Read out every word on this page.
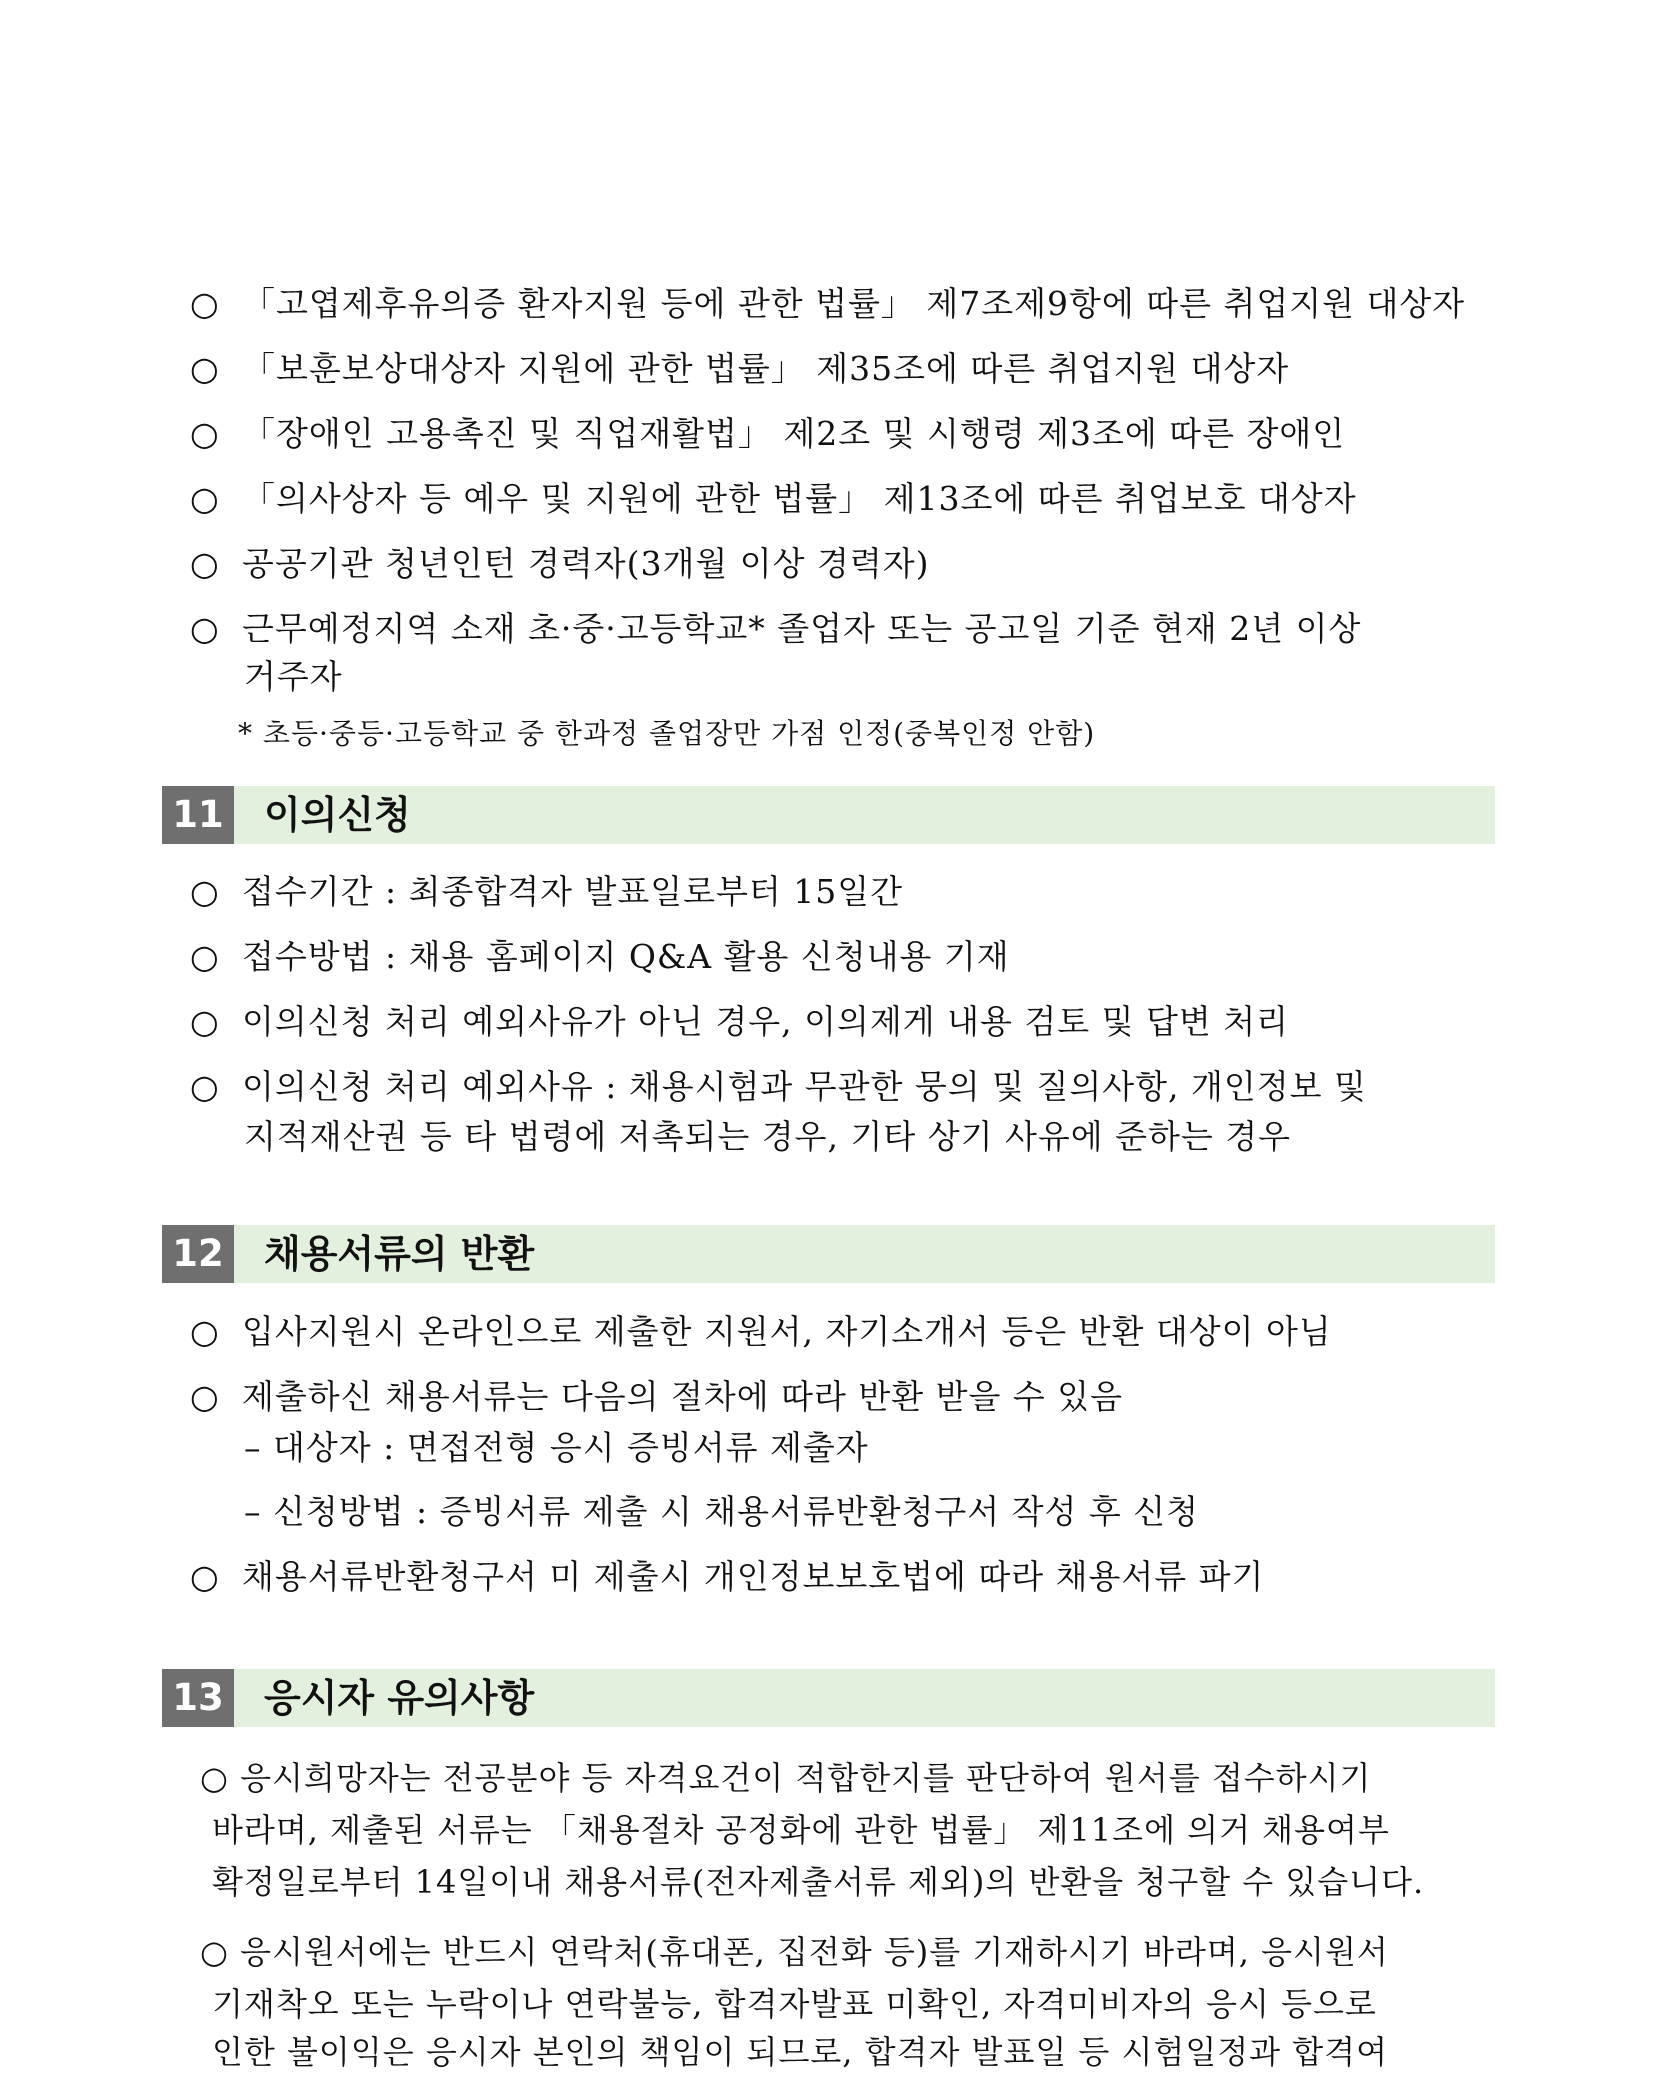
○ 「고엽제후유의증 환자지원 등에 관한 법률」 제7조제9항에 따른 취업지원 대상자
○ 「보훈보상대상자 지원에 관한 법률」 제35조에 따른 취업지원 대상자
○ 「장애인 고용촉진 및 직업재활법」 제2조 및 시행령 제3조에 따른 장애인
○ 「의사상자 등 예우 및 지원에 관한 법률」 제13조에 따른 취업보호 대상자
○ 공공기관 청년인턴 경력자(3개월 이상 경력자)
○ 근무예정지역 소재 초·중·고등학교* 졸업자 또는 공고일 기준 현재 2년 이상
거주자
* 초등·중등·고등학교 중 한과정 졸업장만 가점 인정(중복인정 안함)
11 이의신청
○ 접수기간 : 최종합격자 발표일로부터 15일간
○ 접수방법 : 채용 홈페이지 Q&A 활용 신청내용 기재
○ 이의신청 처리 예외사유가 아닌 경우, 이의제게 내용 검토 및 답변 처리
○ 이의신청 처리 예외사유 : 채용시험과 무관한 뭉의 및 질의사항, 개인정보 및
지적재산권 등 타 법령에 저촉되는 경우, 기타 상기 사유에 준하는 경우
12 채용서류의 반환
○ 입사지원시 온라인으로 제출한 지원서, 자기소개서 등은 반환 대상이 아님
○ 제출하신 채용서류는 다음의 절차에 따라 반환 받을 수 있음
– 대상자 : 면접전형 응시 증빙서류 제출자
– 신청방법 : 증빙서류 제출 시 채용서류반환청구서 작성 후 신청
○ 채용서류반환청구서 미 제출시 개인정보보호법에 따라 채용서류 파기
13 응시자 유의사항
○ 응시희망자는 전공분야 등 자격요건이 적합한지를 판단하여 원서를 접수하시기
바라며, 제출된 서류는 「채용절차 공정화에 관한 법률」 제11조에 의거 채용여부
확정일로부터 14일이내 채용서류(전자제출서류 제외)의 반환을 청구할 수 있습니다.
○ 응시원서에는 반드시 연락처(휴대폰, 집전화 등)를 기재하시기 바라며, 응시원서
기재착오 또는 누락이나 연락불능, 합격자발표 미확인, 자격미비자의 응시 등으로
인한 불이익은 응시자 본인의 책임이 되므로, 합격자 발표일 등 시험일정과 합격여
